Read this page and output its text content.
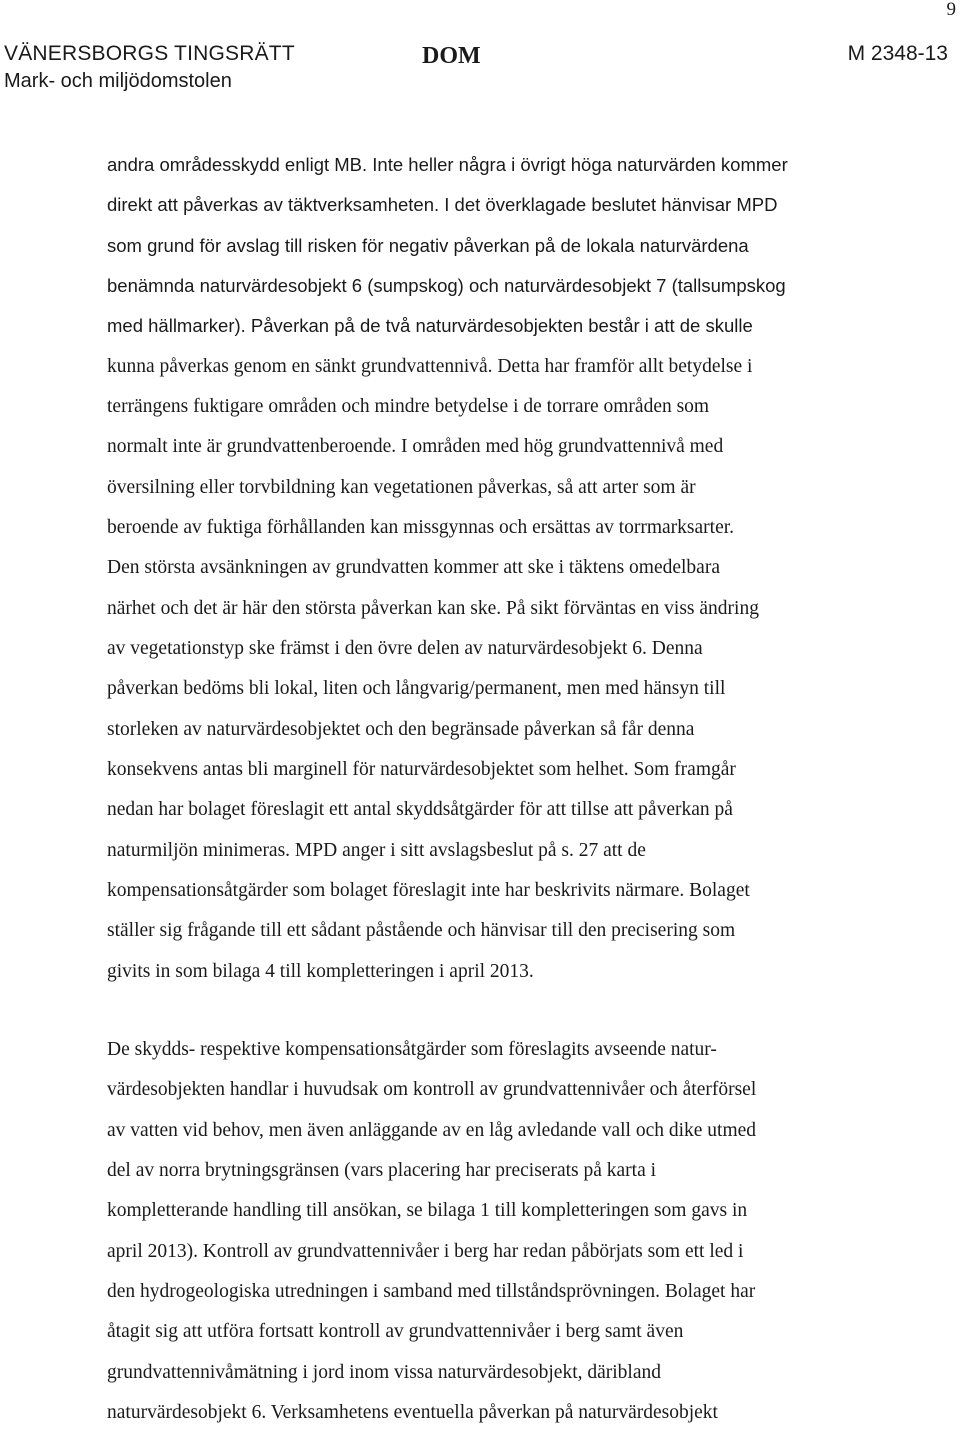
9
VÄNERSBORGS TINGSRÄTT
Mark- och miljödomstolen
DOM	M 2348-13
andra områdesskydd enligt MB. Inte heller några i övrigt höga naturvärden kommer
direkt att påverkas av täktverksamheten. I det överklagade beslutet hänvisar MPD
som grund för avslag till risken för negativ påverkan på de lokala naturvärdena
benämnda naturvärdesobjekt 6 (sumpskog) och naturvärdesobjekt 7 (tallsumpskog
med hällmarker). Påverkan på de två naturvärdesobjekten består i att de skulle
kunna påverkas genom en sänkt grundvattennivå. Detta har framför allt betydelse i
terrängens fuktigare områden och mindre betydelse i de torrare områden som
normalt inte är grundvattenberoende. I områden med hög grundvattennivå med
översilning eller torvbildning kan vegetationen påverkas, så att arter som är
beroende av fuktiga förhållanden kan missgynnas och ersättas av torrmarksarter.
Den största avsänkningen av grundvatten kommer att ske i täktens omedelbara
närhet och det är här den största påverkan kan ske. På sikt förväntas en viss ändring
av vegetationstyp ske främst i den övre delen av naturvärdesobjekt 6. Denna
påverkan bedöms bli lokal, liten och långvarig/permanent, men med hänsyn till
storleken av naturvärdesobjektet och den begränsade påverkan så får denna
konsekvens antas bli marginell för naturvärdesobjektet som helhet. Som framgår
nedan har bolaget föreslagit ett antal skyddsåtgärder för att tillse att påverkan på
naturmiljön minimeras. MPD anger i sitt avslagsbeslut på s. 27 att de
kompensationsåtgärder som bolaget föreslagit inte har beskrivits närmare. Bolaget
ställer sig frågande till ett sådant påstående och hänvisar till den precisering som
givits in som bilaga 4 till kompletteringen i april 2013.
De skydds- respektive kompensationsåtgärder som föreslagits avseende natur-
värdesobjekten handlar i huvudsak om kontroll av grundvattennivåer och återförsel
av vatten vid behov, men även anläggande av en låg avledande vall och dike utmed
del av norra brytningsgränsen (vars placering har preciserats på karta i
kompletterande handling till ansökan, se bilaga 1 till kompletteringen som gavs in
april 2013). Kontroll av grundvattennivåer i berg har redan påbörjats som ett led i
den hydrogeologiska utredningen i samband med tillståndsprövningen. Bolaget har
åtagit sig att utföra fortsatt kontroll av grundvattennivåer i berg samt även
grundvattennivåmätning i jord inom vissa naturvärdesobjekt, däribland
naturvärdesobjekt 6. Verksamhetens eventuella påverkan på naturvärdesobjekt
